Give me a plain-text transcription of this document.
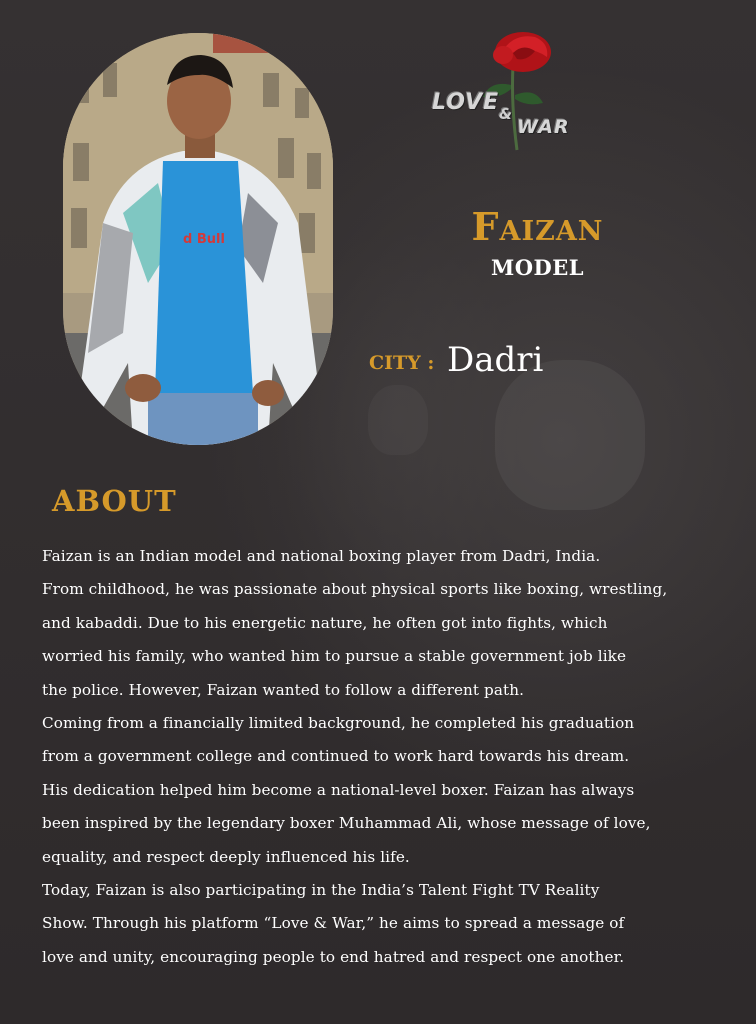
d Bull
LOVE &
WAR
Faizan
MODEL
CITY : Dadri
ABOUT
Faizan is an Indian model and national boxing player from Dadri, India.
From childhood, he was passionate about physical sports like boxing, wrestling,
and kabaddi. Due to his energetic nature, he often got into fights, which
worried his family, who wanted him to pursue a stable government job like
the police. However, Faizan wanted to follow a different path.
Coming from a financially limited background, he completed his graduation
from a government college and continued to work hard towards his dream.
His dedication helped him become a national-level boxer. Faizan has always
been inspired by the legendary boxer Muhammad Ali, whose message of love,
equality, and respect deeply influenced his life.
Today, Faizan is also participating in the India’s Talent Fight TV Reality
Show. Through his platform “Love & War,” he aims to spread a message of
love and unity, encouraging people to end hatred and respect one another.
